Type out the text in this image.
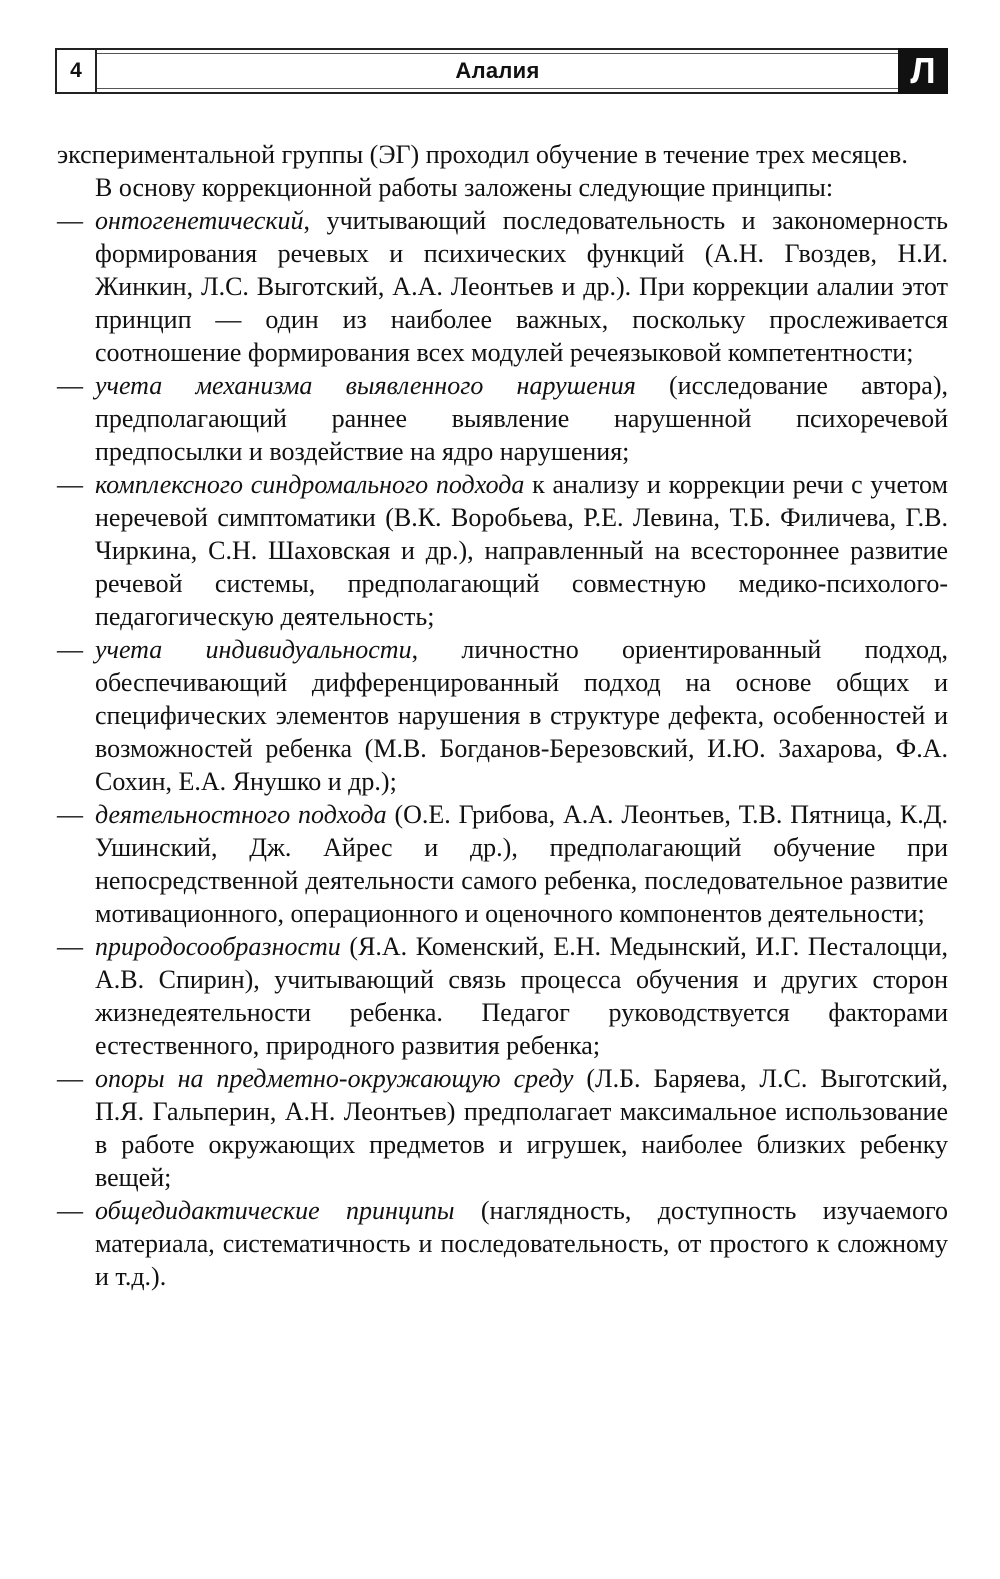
4	Алалия	Л

экспериментальной группы (ЭГ) проходил обучение в течение трех месяцев.

В основу коррекционной работы заложены следующие принципы:

— онтогенетический, учитывающий последовательность и закономерность формирования речевых и психических функций (А.Н. Гвоздев, Н.И. Жинкин, Л.С. Выготский, А.А. Леонтьев и др.). При коррекции алалии этот принцип — один из наиболее важных, поскольку прослеживается соотношение формирования всех модулей речеязыковой компетентности;
— учета механизма выявленного нарушения (исследование автора), предполагающий раннее выявление нарушенной психоречевой предпосылки и воздействие на ядро нарушения;
— комплексного синдромального подхода к анализу и коррекции речи с учетом неречевой симптоматики (В.К. Воробьева, Р.Е. Левина, Т.Б. Филичева, Г.В. Чиркина, С.Н. Шаховская и др.), направленный на всестороннее развитие речевой системы, предполагающий совместную медико-психолого-педагогическую деятельность;
— учета индивидуальности, личностно ориентированный подход, обеспечивающий дифференцированный подход на основе общих и специфических элементов нарушения в структуре дефекта, особенностей и возможностей ребенка (М.В. Богданов-Березовский, И.Ю. Захарова, Ф.А. Сохин, Е.А. Янушко и др.);
— деятельностного подхода (О.Е. Грибова, А.А. Леонтьев, Т.В. Пятница, К.Д. Ушинский, Дж. Айрес и др.), предполагающий обучение при непосредственной деятельности самого ребенка, последовательное развитие мотивационного, операционного и оценочного компонентов деятельности;
— природосообразности (Я.А. Коменский, Е.Н. Медынский, И.Г. Песталоцци, А.В. Спирин), учитывающий связь процесса обучения и других сторон жизнедеятельности ребенка. Педагог руководствуется факторами естественного, природного развития ребенка;
— опоры на предметно-окружающую среду (Л.Б. Баряева, Л.С. Выготский, П.Я. Гальперин, А.Н. Леонтьев) предполагает максимальное использование в работе окружающих предметов и игрушек, наиболее близких ребенку вещей;
— общедидактические принципы (наглядность, доступность изучаемого материала, систематичность и последовательность, от простого к сложному и т.д.).
